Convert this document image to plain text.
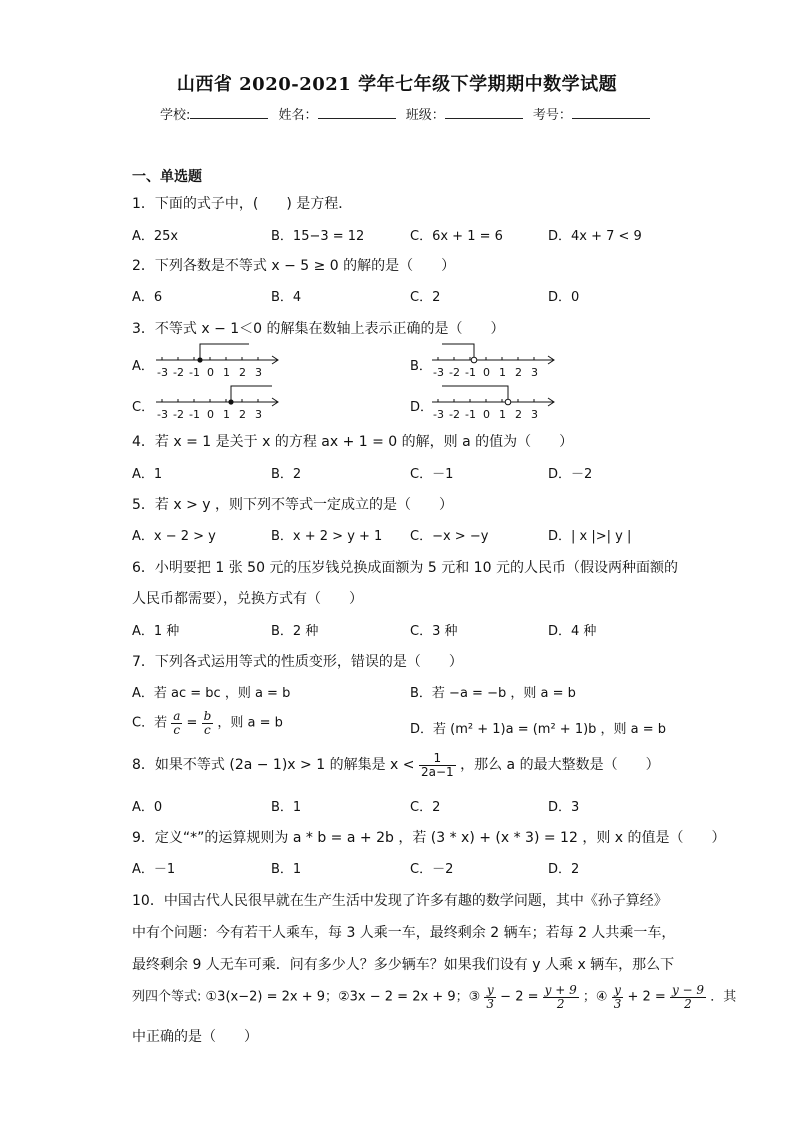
山西省 2020-2021 学年七年级下学期期中数学试题
学校:	姓名：	班级：	考号：
一、单选题
1．下面的式子中，(　　) 是方程．
A．25x	B．15−3 = 12	C．6x + 1 = 6	D．4x + 7 < 9
2．下列各数是不等式 x − 5 ≥ 0 的解的是（　　）
A．6	B．4	C．2	D．0
3．不等式 x − 1＜0 的解集在数轴上表示正确的是（　　）
A． -3 -2 -1 0 1 2 3	B． -3 -2 -1 0 1 2 3
C． -3 -2 -1 0 1 2 3	D． -3 -2 -1 0 1 2 3
4．若 x = 1 是关于 x 的方程 ax + 1 = 0 的解，则 a 的值为（　　）
A．1	B．2	C．－1	D．－2
5．若 x > y ，则下列不等式一定成立的是（　　）
A．x − 2 > y	B．x + 2 > y + 1 C．−x > −y	D．| x |>| y |
6．小明要把 1 张 50 元的压岁钱兑换成面额为 5 元和 10 元的人民币（假设两种面额的
人民币都需要），兑换方式有（　　）
A．1 种	B．2 种	C．3 种	D．4 种
7．下列各式运用等式的性质变形，错误的是（　　）
A．若 ac = bc ，则 a = b	B．若 −a = −b ，则 a = b
C．若 $\frac{a}{c} = \frac{b}{c}$ ，则 a = b	D．若 (m² + 1)a = (m² + 1)b ，则 a = b
8．如果不等式 (2a − 1)x > 1 的解集是 $x < \frac{1}{2a-1}$ ，那么 a 的最大整数是（　　）
A．0	B．1	C．2	D．3
9．定义“*”的运算规则为 a * b = a + 2b ，若 (3 * x) + (x * 3) = 12 ，则 x 的值是（　　）
A．－1	B．1	C．－2	D．2
10．中国古代人民很早就在生产生活中发现了许多有趣的数学问题，其中《孙子算经》
中有个问题：今有若干人乘车，每 3 人乘一车，最终剩余 2 辆车；若每 2 人共乘一车，
最终剩余 9 人无车可乘．问有多少人？多少辆车？如果我们设有 y 人乘 x 辆车，那么下
列四个等式: ①3(x−2) = 2x + 9；②3x − 2 = 2x + 9；③ $\frac{y}{3} - 2 = \frac{y + 9}{2}$ ；④ $\frac{y}{3} + 2 = \frac{y - 9}{2}$ ．其
中正确的是（　　）
